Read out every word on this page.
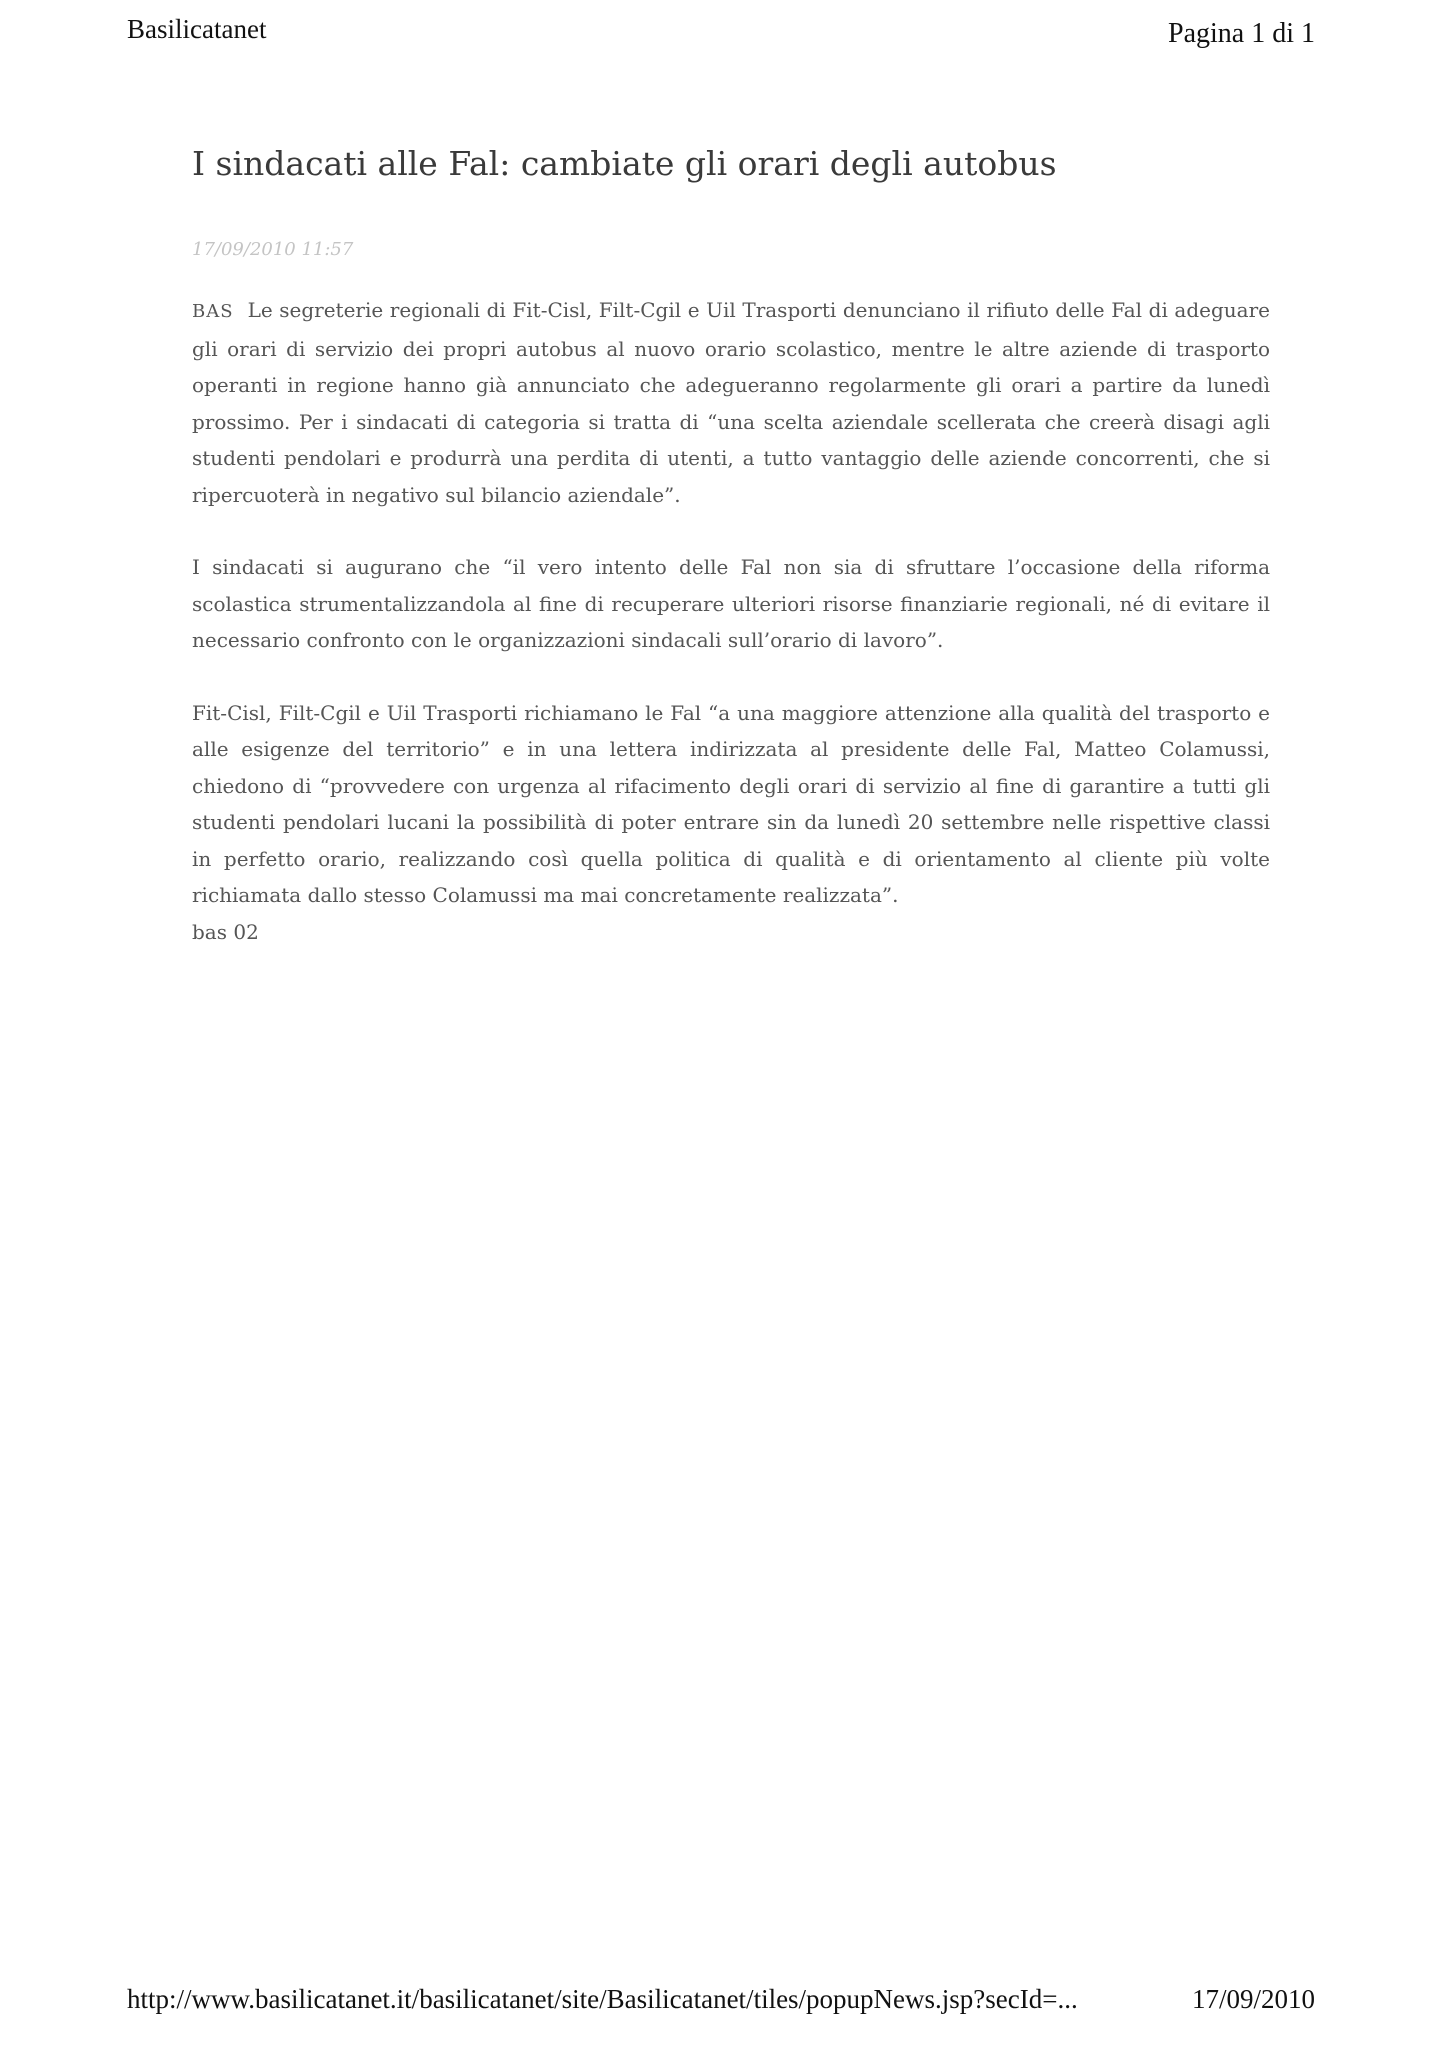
Basilicatanet	Pagina 1 di 1
I sindacati alle Fal: cambiate gli orari degli autobus
17/09/2010 11:57

BAS Le segreterie regionali di Fit-Cisl, Filt-Cgil e Uil Trasporti denunciano il rifiuto delle Fal di adeguare gli orari di servizio dei propri autobus al nuovo orario scolastico, mentre le altre aziende di trasporto operanti in regione hanno già annunciato che adegueranno regolarmente gli orari a partire da lunedì prossimo. Per i sindacati di categoria si tratta di “una scelta aziendale scellerata che creerà disagi agli studenti pendolari e produrrà una perdita di utenti, a tutto vantaggio delle aziende concorrenti, che si ripercuoterà in negativo sul bilancio aziendale”.

I sindacati si augurano che “il vero intento delle Fal non sia di sfruttare l’occasione della riforma scolastica strumentalizzandola al fine di recuperare ulteriori risorse finanziarie regionali, né di evitare il necessario confronto con le organizzazioni sindacali sull’orario di lavoro”.

Fit-Cisl, Filt-Cgil e Uil Trasporti richiamano le Fal “a una maggiore attenzione alla qualità del trasporto e alle esigenze del territorio” e in una lettera indirizzata al presidente delle Fal, Matteo Colamussi, chiedono di “provvedere con urgenza al rifacimento degli orari di servizio al fine di garantire a tutti gli studenti pendolari lucani la possibilità di poter entrare sin da lunedì 20 settembre nelle rispettive classi in perfetto orario, realizzando così quella politica di qualità e di orientamento al cliente più volte richiamata dallo stesso Colamussi ma mai concretamente realizzata”.
bas 02

http://www.basilicatanet.it/basilicatanet/site/Basilicatanet/tiles/popupNews.jsp?secId=...	17/09/2010
